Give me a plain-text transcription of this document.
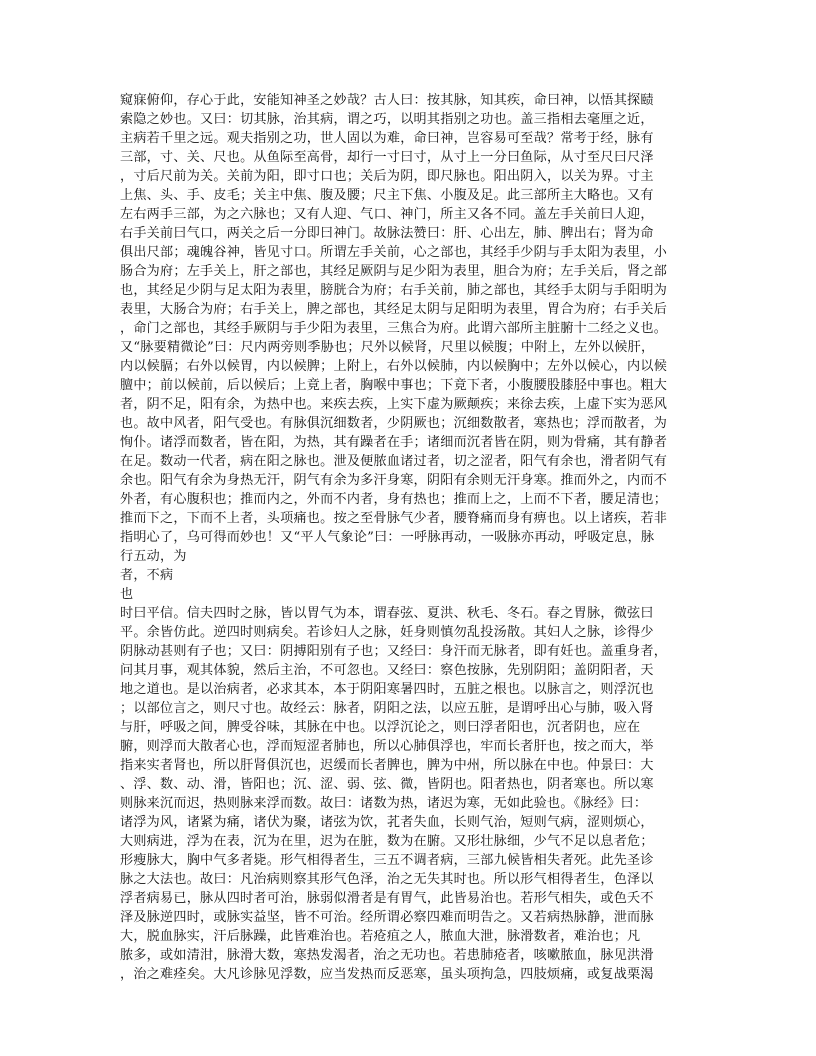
窥寐俯仰，存心于此，安能知神圣之妙哉？古人曰：按其脉，知其疾，命曰神，以悟其探赜
索隐之妙也。又曰：切其脉，治其病，谓之巧，以明其指别之功也。盖三指相去毫厘之近，
主病若千里之远。观夫指别之功，世人固以为难，命曰神，岂容易可至哉？常考于经，脉有
三部，寸、关、尺也。从鱼际至高骨，却行一寸曰寸，从寸上一分曰鱼际，从寸至尺曰尺泽
，寸后尺前为关。关前为阳，即寸口也；关后为阴，即尺脉也。阳出阴入，以关为界。寸主
上焦、头、手、皮毛；关主中焦、腹及腰；尺主下焦、小腹及足。此三部所主大略也。又有
左右两手三部，为之六脉也；又有人迎、气口、神门，所主又各不同。盖左手关前曰人迎，
右手关前曰气口，两关之后一分即曰神门。故脉法赞曰：肝、心出左，肺、脾出右；肾为命
俱出尺部；魂魄谷神，皆见寸口。所谓左手关前，心之部也，其经手少阴与手太阳为表里，小
肠合为府；左手关上，肝之部也，其经足厥阴与足少阳为表里，胆合为府；左手关后，肾之部
也，其经足少阴与足太阳为表里，膀胱合为府；右手关前，肺之部也，其经手太阴与手阳明为
表里，大肠合为府；右手关上，脾之部也，其经足太阴与足阳明为表里，胃合为府；右手关后
，命门之部也，其经手厥阴与手少阳为表里，三焦合为府。此谓六部所主脏腑十二经之义也。
又“脉要精微论”曰：尺内两旁则季胁也；尺外以候肾，尺里以候腹；中附上，左外以候肝，
内以候膈；右外以候胃，内以候脾；上附上，右外以候肺，内以候胸中；左外以候心，内以候
膻中；前以候前，后以候后；上竟上者，胸喉中事也；下竟下者，小腹腰股膝胫中事也。粗大
者，阴不足，阳有余，为热中也。来疾去疾，上实下虚为厥颠疾；来徐去疾，上虚下实为恶风
也。故中风者，阳气受也。有脉俱沉细数者，少阴厥也；沉细数散者，寒热也；浮而散者，为
恂仆。诸浮而数者，皆在阳，为热，其有躁者在手；诸细而沉者皆在阴，则为骨痛，其有静者
在足。数动一代者，病在阳之脉也。泄及便脓血诸过者，切之涩者，阳气有余也，滑者阴气有
余也。阳气有余为身热无汗，阴气有余为多汗身寒，阴阳有余则无汗身寒。推而外之，内而不
外者，有心腹积也；推而内之，外而不内者，身有热也；推而上之，上而不下者，腰足清也；
推而下之，下而不上者，头项痛也。按之至骨脉气少者，腰脊痛而身有痹也。以上诸疾，若非
指明心了，乌可得而妙也！又“平人气象论”曰：一呼脉再动，一吸脉亦再动，呼吸定息，脉
行五动，为
者，不病
也
时曰平信。信夫四时之脉，皆以胃气为本，谓春弦、夏洪、秋毛、冬石。春之胃脉，微弦曰
平。余皆仿此。逆四时则病矣。若诊妇人之脉，妊身则慎勿乱投汤散。其妇人之脉，诊得少
阴脉动甚则有子也；又曰：阴搏阳别有子也；又经曰：身汗而无脉者，即有妊也。盖重身者，
问其月事，观其体貌，然后主治，不可忽也。又经曰：察色按脉，先别阴阳；盖阴阳者，天
地之道也。是以治病者，必求其本，本于阴阳寒暑四时，五脏之根也。以脉言之，则浮沉也
；以部位言之，则尺寸也。故经云：脉者，阴阳之法，以应五脏，是谓呼出心与肺，吸入肾
与肝，呼吸之间，脾受谷味，其脉在中也。以浮沉论之，则曰浮者阳也，沉者阴也，应在
腑，则浮而大散者心也，浮而短涩者肺也，所以心肺俱浮也，牢而长者肝也，按之而大，举
指来实者肾也，所以肝肾俱沉也，迟缓而长者脾也，脾为中州，所以脉在中也。仲景曰：大
、浮、数、动、滑，皆阳也；沉、涩、弱、弦、微，皆阴也。阳者热也，阴者寒也。所以寒
则脉来沉而迟，热则脉来浮而数。故曰：诸数为热，诸迟为寒，无如此验也。《脉经》曰：
诸浮为风，诸紧为痛，诸伏为聚，诸弦为饮，芤者失血，长则气治，短则气病，涩则烦心，
大则病进，浮为在表，沉为在里，迟为在脏，数为在腑。又形壮脉细，少气不足以息者危；
形瘦脉大，胸中气多者毙。形气相得者生，三五不调者病，三部九候皆相失者死。此先圣诊
脉之大法也。故曰：凡治病则察其形气色泽，治之无失其时也。所以形气相得者生，色泽以
浮者病易已，脉从四时者可治，脉弱似滑者是有胃气，此皆易治也。若形气相失，或色夭不
泽及脉逆四时，或脉实益坚，皆不可治。经所谓必察四难而明告之。又若病热脉静，泄而脉
大，脱血脉实，汗后脉躁，此皆难治也。若疮疽之人，脓血大泄，脉滑数者，难治也；凡
脓多，或如清泔，脉滑大数，寒热发渴者，治之无功也。若患肺疮者，咳嗽脓血，脉见洪滑
，治之难痊矣。大凡诊脉见浮数，应当发热而反恶寒，虽头项拘急，四肢烦痛，或复战栗渴
